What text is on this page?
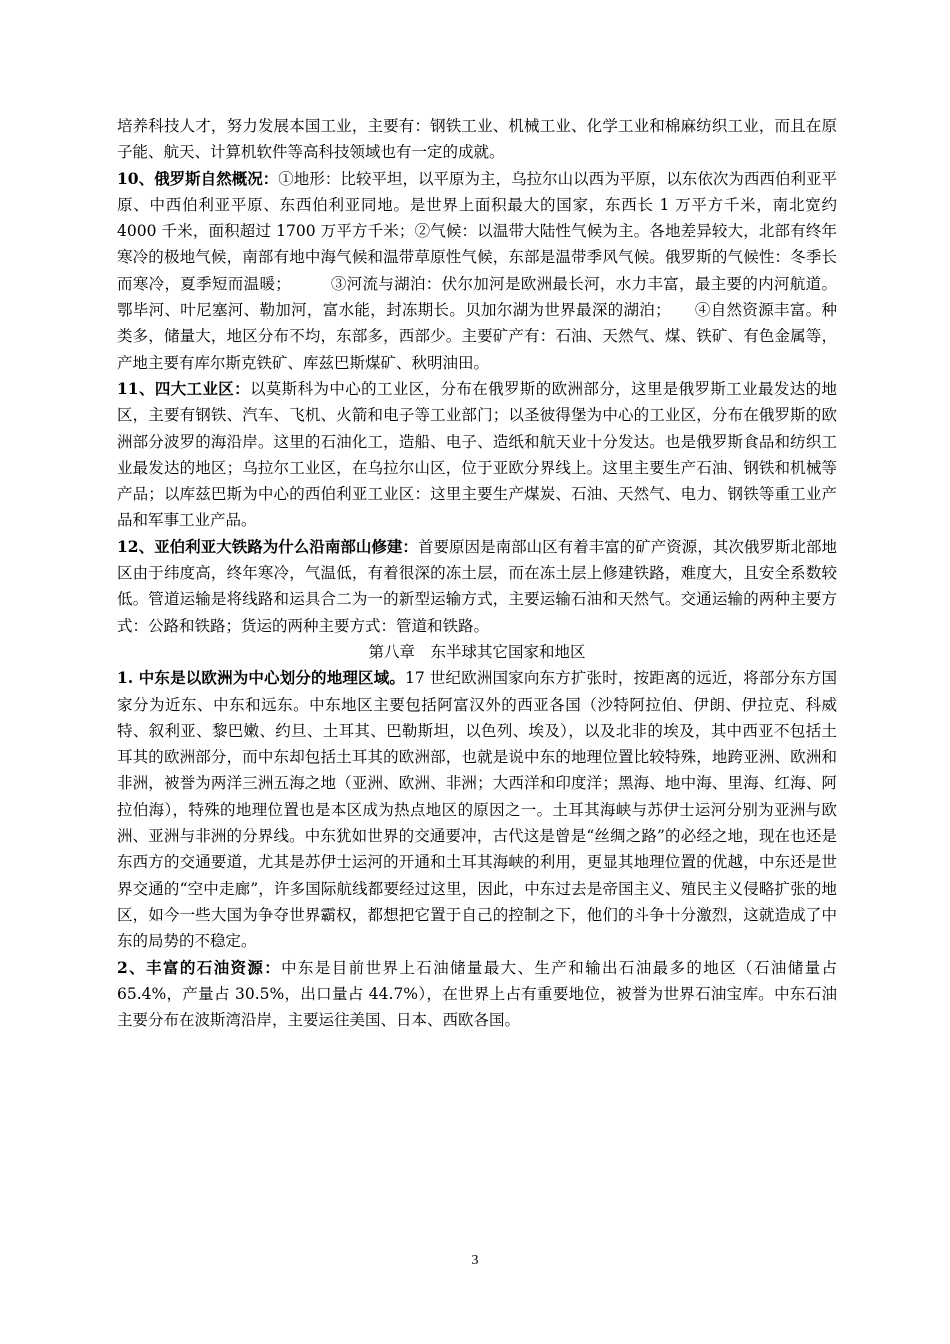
培养科技人才，努力发展本国工业，主要有：钢铁工业、机械工业、化学工业和棉麻纺织工业，而且在原子能、航天、计算机软件等高科技领域也有一定的成就。

10、俄罗斯自然概况：①地形：比较平坦，以平原为主，乌拉尔山以西为平原，以东依次为西西伯利亚平原、中西伯利亚平原、东西伯利亚同地。是世界上面积最大的国家，东西长 1 万平方千米，南北宽约 4000 千米，面积超过 1700 万平方千米；②气候：以温带大陆性气候为主。各地差异较大，北部有终年寒冷的极地气候，南部有地中海气候和温带草原性气候，东部是温带季风气候。俄罗斯的气候性：冬季长而寒冷，夏季短而温暖；　　　③河流与湖泊：伏尔加河是欧洲最长河，水力丰富，最主要的内河航道。鄂毕河、叶尼塞河、勒加河，富水能，封冻期长。贝加尔湖为世界最深的湖泊；　　④自然资源丰富。种类多，储量大，地区分布不均，东部多，西部少。主要矿产有：石油、天然气、煤、铁矿、有色金属等，产地主要有库尔斯克铁矿、库兹巴斯煤矿、秋明油田。

11、四大工业区：以莫斯科为中心的工业区，分布在俄罗斯的欧洲部分，这里是俄罗斯工业最发达的地区，主要有钢铁、汽车、飞机、火箭和电子等工业部门；以圣彼得堡为中心的工业区，分布在俄罗斯的欧洲部分波罗的海沿岸。这里的石油化工，造船、电子、造纸和航天业十分发达。也是俄罗斯食品和纺织工业最发达的地区；乌拉尔工业区，在乌拉尔山区，位于亚欧分界线上。这里主要生产石油、钢铁和机械等产品；以库兹巴斯为中心的西伯利亚工业区：这里主要生产煤炭、石油、天然气、电力、钢铁等重工业产品和军事工业产品。

12、亚伯利亚大铁路为什么沿南部山修建：首要原因是南部山区有着丰富的矿产资源，其次俄罗斯北部地区由于纬度高，终年寒冷，气温低，有着很深的冻土层，而在冻土层上修建铁路，难度大，且安全系数较低。管道运输是将线路和运具合二为一的新型运输方式，主要运输石油和天然气。交通运输的两种主要方式：公路和铁路；货运的两种主要方式：管道和铁路。

第八章　东半球其它国家和地区

1. 中东是以欧洲为中心划分的地理区域。17 世纪欧洲国家向东方扩张时，按距离的远近，将部分东方国家分为近东、中东和远东。中东地区主要包括阿富汉外的西亚各国（沙特阿拉伯、伊朗、伊拉克、科威特、叙利亚、黎巴嫩、约旦、土耳其、巴勒斯坦，以色列、埃及），以及北非的埃及，其中西亚不包括土耳其的欧洲部分，而中东却包括土耳其的欧洲部，也就是说中东的地理位置比较特殊，地跨亚洲、欧洲和非洲，被誉为两洋三洲五海之地（亚洲、欧洲、非洲；大西洋和印度洋；黑海、地中海、里海、红海、阿拉伯海），特殊的地理位置也是本区成为热点地区的原因之一。土耳其海峡与苏伊士运河分别为亚洲与欧洲、亚洲与非洲的分界线。中东犹如世界的交通要冲，古代这是曾是“丝绸之路”的必经之地，现在也还是东西方的交通要道，尤其是苏伊士运河的开通和土耳其海峡的利用，更显其地理位置的优越，中东还是世界交通的“空中走廊”，许多国际航线都要经过这里，因此，中东过去是帝国主义、殖民主义侵略扩张的地区，如今一些大国为争夺世界霸权，都想把它置于自己的控制之下，他们的斗争十分激烈，这就造成了中东的局势的不稳定。

2、丰富的石油资源：中东是目前世界上石油储量最大、生产和输出石油最多的地区（石油储量占 65.4%，产量占 30.5%，出口量占 44.7%），在世界上占有重要地位，被誉为世界石油宝库。中东石油主要分布在波斯湾沿岸，主要运往美国、日本、西欧各国。

3
